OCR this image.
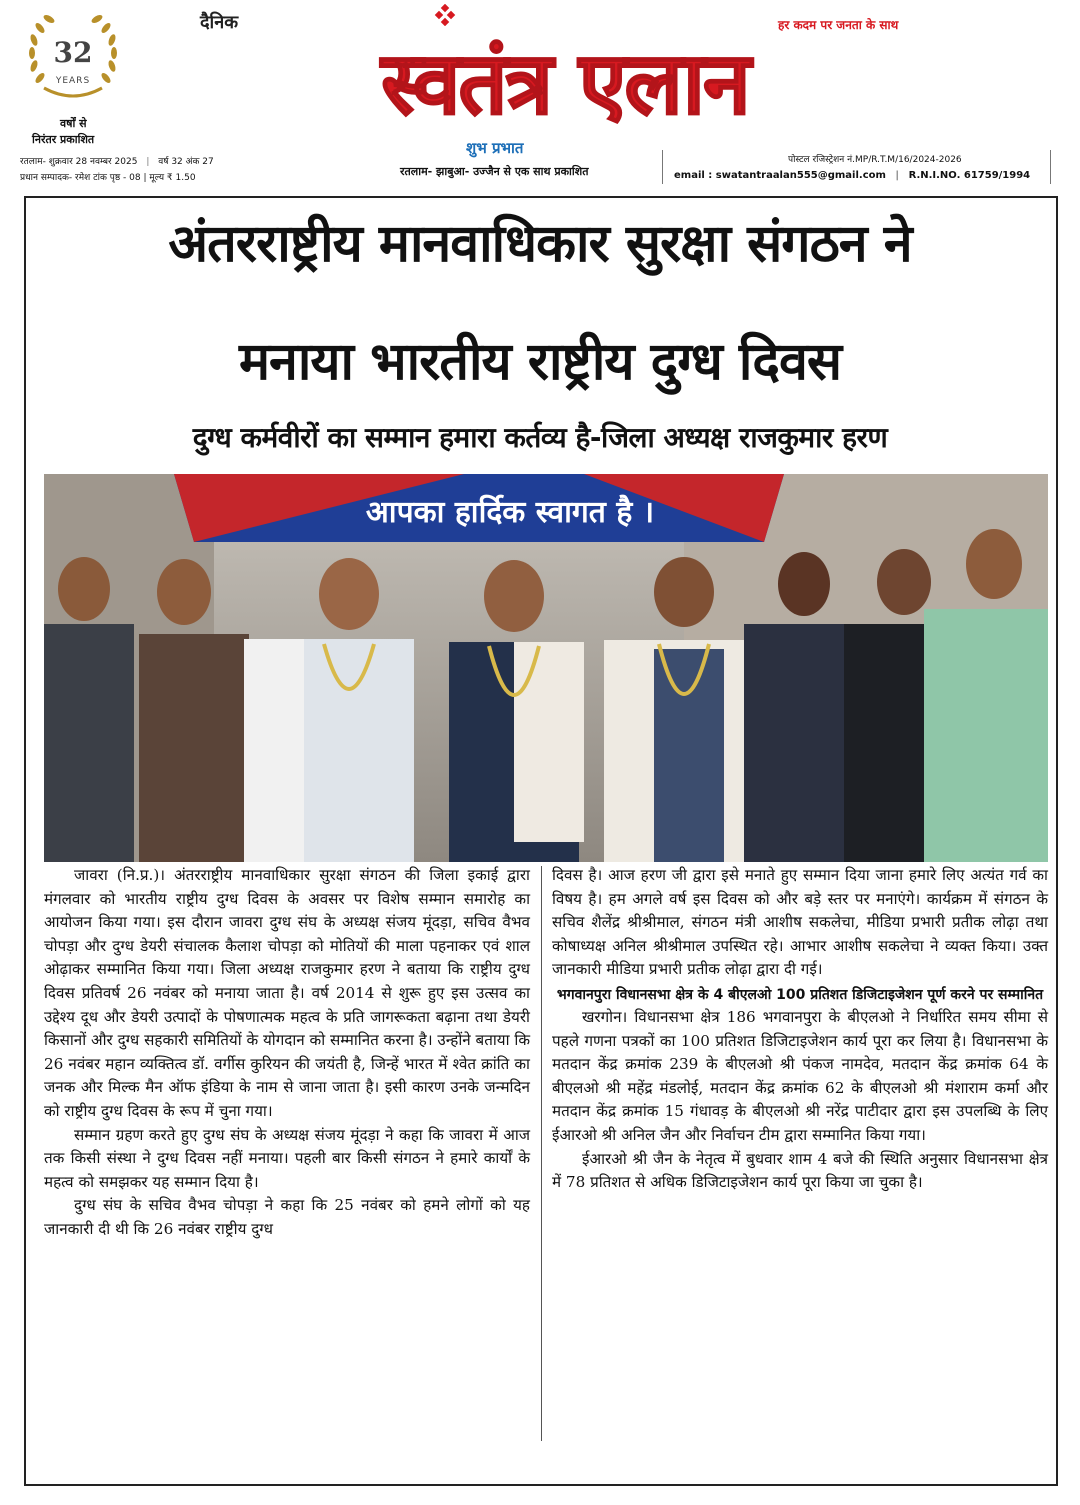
32
YEARS
वर्षों से
निरंतर प्रकाशित
रतलाम- शुक्रवार 28 नवम्बर 2025 | वर्ष 32 अंक 27
प्रधान सम्पादक- रमेश टांक पृष्ठ - 08 | मूल्य ₹ 1.50
दैनिक
स्वतंत्र एलान
हर कदम पर जनता के साथ
शुभ प्रभात
रतलाम- झाबुआ- उज्जैन से एक साथ प्रकाशित
पोस्टल रजिस्ट्रेशन नं.MP/R.T.M/16/2024-2026
email : swatantraalan555@gmail.com | R.N.I.NO. 61759/1994
अंतरराष्ट्रीय मानवाधिकार सुरक्षा संगठन ने
मनाया भारतीय राष्ट्रीय दुग्ध दिवस
दुग्ध कर्मवीरों का सम्मान हमारा कर्तव्य है-जिला अध्यक्ष राजकुमार हरण
आपका हार्दिक स्वागत है ।

जावरा (नि.प्र.)। अंतरराष्ट्रीय मानवाधिकार सुरक्षा संगठन की जिला इकाई द्वारा मंगलवार को भारतीय राष्ट्रीय दुग्ध दिवस के अवसर पर विशेष सम्मान समारोह का आयोजन किया गया। इस दौरान जावरा दुग्ध संघ के अध्यक्ष संजय मूंदड़ा, सचिव वैभव चोपड़ा और दुग्ध डेयरी संचालक कैलाश चोपड़ा को मोतियों की माला पहनाकर एवं शाल ओढ़ाकर सम्मानित किया गया। जिला अध्यक्ष राजकुमार हरण ने बताया कि राष्ट्रीय दुग्ध दिवस प्रतिवर्ष 26 नवंबर को मनाया जाता है। वर्ष 2014 से शुरू हुए इस उत्सव का उद्देश्य दूध और डेयरी उत्पादों के पोषणात्मक महत्व के प्रति जागरूकता बढ़ाना तथा डेयरी किसानों और दुग्ध सहकारी समितियों के योगदान को सम्मानित करना है। उन्होंने बताया कि 26 नवंबर महान व्यक्तित्व डॉ. वर्गीस कुरियन की जयंती है, जिन्हें भारत में श्वेत क्रांति का जनक और मिल्क मैन ऑफ इंडिया के नाम से जाना जाता है। इसी कारण उनके जन्मदिन को राष्ट्रीय दुग्ध दिवस के रूप में चुना गया।

सम्मान ग्रहण करते हुए दुग्ध संघ के अध्यक्ष संजय मूंदड़ा ने कहा कि जावरा में आज तक किसी संस्था ने दुग्ध दिवस नहीं मनाया। पहली बार किसी संगठन ने हमारे कार्यों के महत्व को समझकर यह सम्मान दिया है।

दुग्ध संघ के सचिव वैभव चोपड़ा ने कहा कि 25 नवंबर को हमने लोगों को यह जानकारी दी थी कि 26 नवंबर राष्ट्रीय दुग्ध

दिवस है। आज हरण जी द्वारा इसे मनाते हुए सम्मान दिया जाना हमारे लिए अत्यंत गर्व का विषय है। हम अगले वर्ष इस दिवस को और बड़े स्तर पर मनाएंगे। कार्यक्रम में संगठन के सचिव शैलेंद्र श्रीश्रीमाल, संगठन मंत्री आशीष सकलेचा, मीडिया प्रभारी प्रतीक लोढ़ा तथा कोषाध्यक्ष अनिल श्रीश्रीमाल उपस्थित रहे। आभार आशीष सकलेचा ने व्यक्त किया। उक्त जानकारी मीडिया प्रभारी प्रतीक लोढ़ा द्वारा दी गई।

भगवानपुरा विधानसभा क्षेत्र के 4 बीएलओ 100 प्रतिशत डिजिटाइजेशन पूर्ण करने पर सम्मानित

खरगोन। विधानसभा क्षेत्र 186 भगवानपुरा के बीएलओ ने निर्धारित समय सीमा से पहले गणना पत्रकों का 100 प्रतिशत डिजिटाइजेशन कार्य पूरा कर लिया है। विधानसभा के मतदान केंद्र क्रमांक 239 के बीएलओ श्री पंकज नामदेव, मतदान केंद्र क्रमांक 64 के बीएलओ श्री महेंद्र मंडलोई, मतदान केंद्र क्रमांक 62 के बीएलओ श्री मंशाराम कर्मा और मतदान केंद्र क्रमांक 15 गंधावड़ के बीएलओ श्री नरेंद्र पाटीदार द्वारा इस उपलब्धि के लिए ईआरओ श्री अनिल जैन और निर्वाचन टीम द्वारा सम्मानित किया गया।

ईआरओ श्री जैन के नेतृत्व में बुधवार शाम 4 बजे की स्थिति अनुसार विधानसभा क्षेत्र में 78 प्रतिशत से अधिक डिजिटाइजेशन कार्य पूरा किया जा चुका है।
